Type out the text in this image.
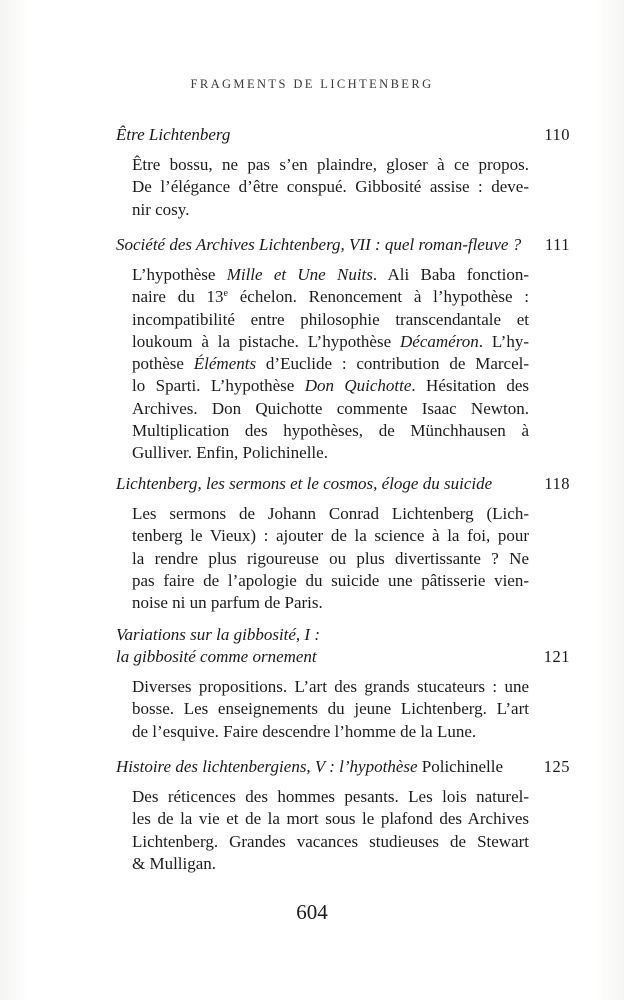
FRAGMENTS DE LICHTENBERG
Être Lichtenberg	110
Être bossu, ne pas s’en plaindre, gloser à ce propos.
De l’élégance d’être conspué. Gibbosité assise : deve-
nir cosy.
Société des Archives Lichtenberg, VII : quel roman-fleuve ? 111
L’hypothèse Mille et Une Nuits. Ali Baba fonction-
naire du 13e échelon. Renoncement à l’hypothèse :
incompatibilité entre philosophie transcendantale et
loukoum à la pistache. L’hypothèse Décaméron. L’hy-
pothèse Éléments d’Euclide : contribution de Marcel-
lo Sparti. L’hypothèse Don Quichotte. Hésitation des
Archives. Don Quichotte commente Isaac Newton.
Multiplication des hypothèses, de Münchhausen à
Gulliver. Enfin, Polichinelle.
Lichtenberg, les sermons et le cosmos, éloge du suicide	118
Les sermons de Johann Conrad Lichtenberg (Lich-
tenberg le Vieux) : ajouter de la science à la foi, pour
la rendre plus rigoureuse ou plus divertissante ? Ne
pas faire de l’apologie du suicide une pâtisserie vien-
noise ni un parfum de Paris.
Variations sur la gibbosité, I :
la gibbosité comme ornement	121
Diverses propositions. L’art des grands stucateurs : une
bosse. Les enseignements du jeune Lichtenberg. L’art
de l’esquive. Faire descendre l’homme de la Lune.
Histoire des lichtenbergiens, V : l’hypothèse Polichinelle	125
Des réticences des hommes pesants. Les lois naturel-
les de la vie et de la mort sous le plafond des Archives
Lichtenberg. Grandes vacances studieuses de Stewart
& Mulligan.
604
